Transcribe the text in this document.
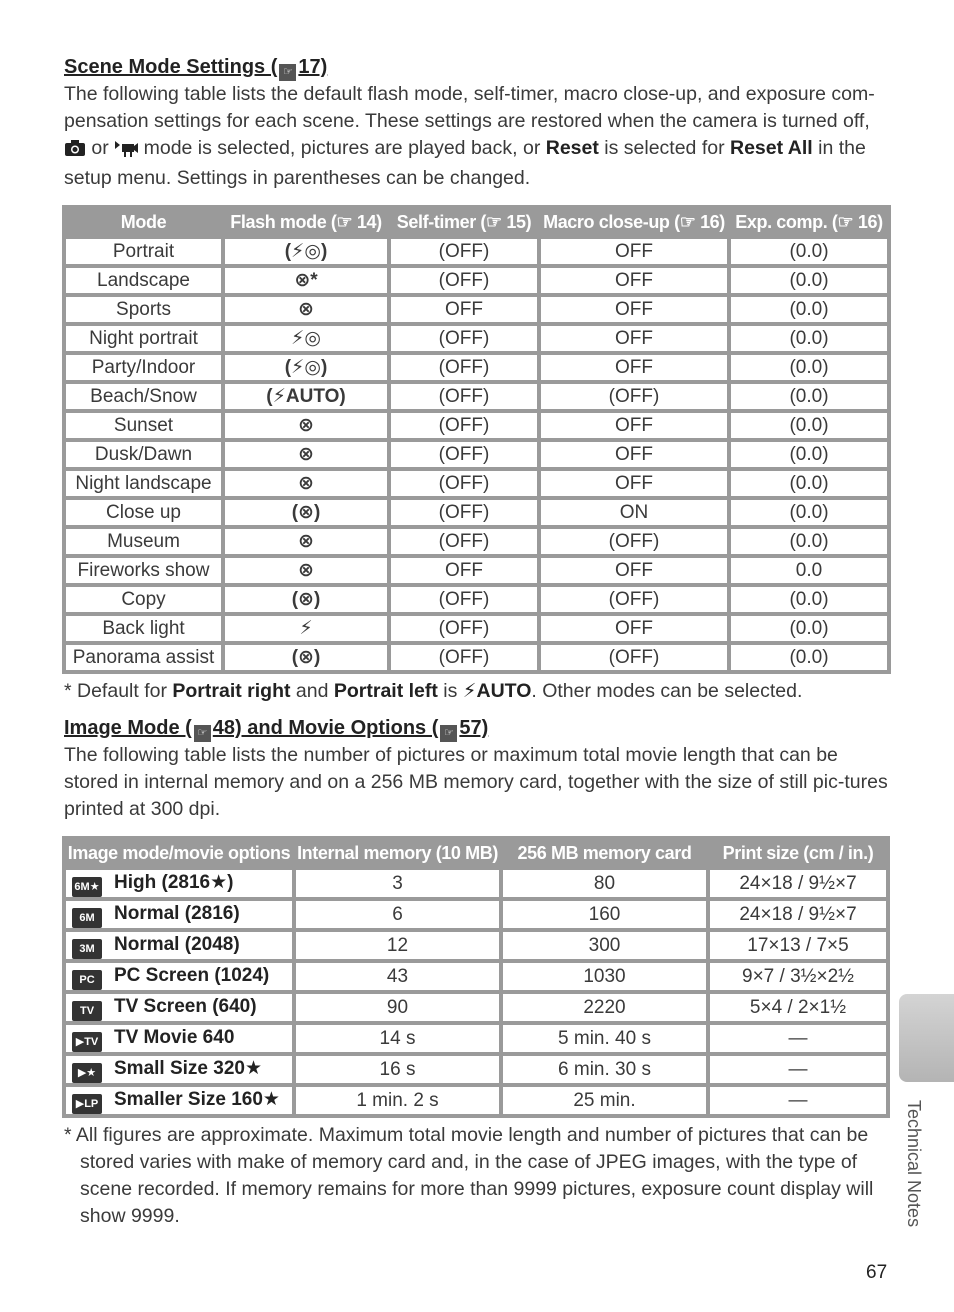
Scene Mode Settings ( ☞ 17)

The following table lists the default flash mode, self-timer, macro close-up, and exposure com-pensation settings for each scene. These settings are restored when the camera is turned off,
or  mode is selected, pictures are played back, or Reset is selected for Reset All in the setup menu. Settings in parentheses can be changed.

Mode	Flash mode (☞ 14)	Self-timer (☞ 15)	Macro close-up (☞ 16)	Exp. comp. (☞ 16)
Portrait	(⚡◎)	(OFF)	OFF	(0.0)
Landscape	⊗*	(OFF)	OFF	(0.0)
Sports	⊗	OFF	OFF	(0.0)
Night portrait	⚡◎	(OFF)	OFF	(0.0)
Party/Indoor	(⚡◎)	(OFF)	OFF	(0.0)
Beach/Snow	(⚡AUTO)	(OFF)	(OFF)	(0.0)
Sunset	⊗	(OFF)	OFF	(0.0)
Dusk/Dawn	⊗	(OFF)	OFF	(0.0)
Night landscape	⊗	(OFF)	OFF	(0.0)
Close up	(⊗)	(OFF)	ON	(0.0)
Museum	⊗	(OFF)	(OFF)	(0.0)
Fireworks show	⊗	OFF	OFF	0.0
Copy	(⊗)	(OFF)	(OFF)	(0.0)
Back light	⚡	(OFF)	OFF	(0.0)
Panorama assist	(⊗)	(OFF)	(OFF)	(0.0)

* Default for Portrait right and Portrait left is ⚡AUTO. Other modes can be selected.

Image Mode ( ☞ 48) and Movie Options ( ☞ 57)

The following table lists the number of pictures or maximum total movie length that can be stored in internal memory and on a 256 MB memory card, together with the size of still pic-tures printed at 300 dpi.

Image mode/movie options	Internal memory (10 MB)	256 MB memory card	Print size (cm / in.)
6M★ High (2816★)	3	80	24×18 / 9½×7
6M Normal (2816)	6	160	24×18 / 9½×7
3M Normal (2048)	12	300	17×13 / 7×5
PC PC Screen (1024)	43	1030	9×7 / 3½×2½
TV TV Screen (640)	90	2220	5×4 / 2×1½
▶TV TV Movie 640	14 s	5 min. 40 s	—
▶★ Small Size 320★	16 s	6 min. 30 s	—
▶LP Smaller Size 160★	1 min. 2 s	25 min.	—

* All figures are approximate. Maximum total movie length and number of pictures that can be stored varies with make of memory card and, in the case of JPEG images, with the type of scene recorded. If memory remains for more than 9999 pictures, exposure count display will show 9999.	Technical Notes
67
